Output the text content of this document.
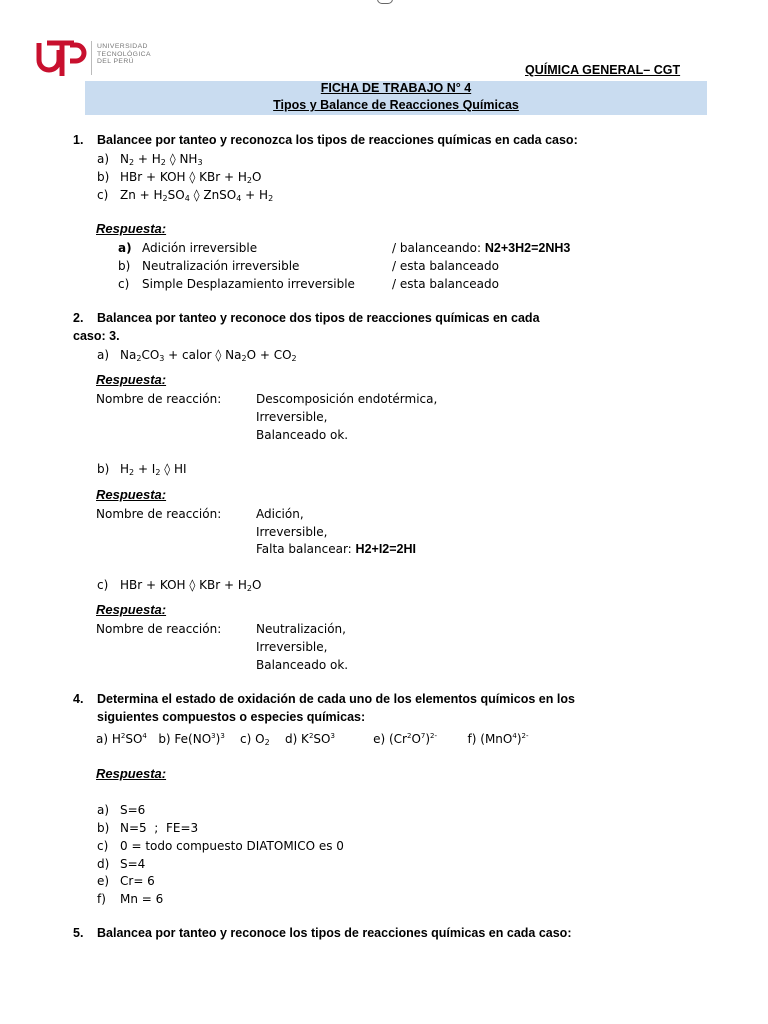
UNIVERSIDAD
TECNOLÓGICA
DEL PERÚ
QUÍMICA GENERAL– CGT
FICHA DE TRABAJO N° 4
Tipos y Balance de Reacciones Químicas
1. Balancee por tanteo y reconozca los tipos de reacciones químicas en cada caso:
a) $N_2 + H_2$ ◊ $NH_3$
b) HBr + KOH ◊ KBr + $H_2O$
c) $Zn + H_2SO_4$ ◊ ZnSO$_4$ + $H_2$
Respuesta:
a) Adición irreversible	/ balanceando: N2+3H2=2NH3
b) Neutralización irreversible	/ esta balanceado
c) Simple Desplazamiento irreversible	/ esta balanceado
2. Balancea por tanteo y reconoce dos tipos de reacciones químicas en cada
caso: 3.
a) $Na_2CO_3$ + calor ◊ $Na_2O + CO_2$
Respuesta:
Nombre de reacción:	Descomposición endotérmica,
Irreversible,
Balanceado ok.
b) $H_2 + I_2$ ◊ HI
Respuesta:
Nombre de reacción:	Adición,
Irreversible,
Falta balancear: H2+I2=2HI
c) HBr + KOH ◊ KBr + $H_2O$
Respuesta:
Nombre de reacción:	Neutralización,
Irreversible,
Balanceado ok.
4. Determina el estado de oxidación de cada uno de los elementos químicos en los
siguientes compuestos o especies químicas:
a) $H^2SO^4$   b) $Fe(NO^3)^3$    c) $O_2$    d) $K^2SO^3$          e) $(Cr^2O^7)^{2-}$        f) $(MnO^4)^{2-}$
Respuesta:
a) S=6
b) N=5  ;  FE=3
c) 0 = todo compuesto DIATOMICO es 0
d) S=4
e) Cr= 6
f) Mn = 6
5. Balancea por tanteo y reconoce los tipos de reacciones químicas en cada caso:
